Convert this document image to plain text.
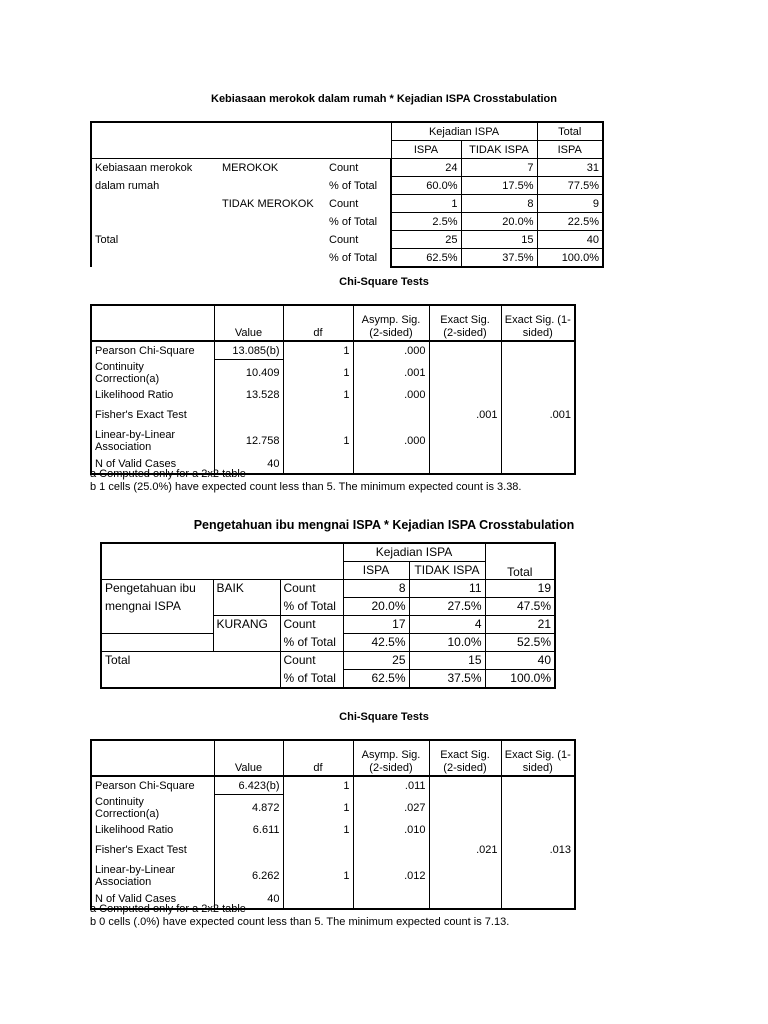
Kebiasaan merokok dalam rumah * Kejadian ISPA Crosstabulation
			Kejadian ISPA		Total
			ISPA	TIDAK ISPA	ISPA
Kebiasaan merokok	MEROKOK	Count	24	7	31
dalam rumah		% of Total	60.0%	17.5%	77.5%
	TIDAK MEROKOK	Count	1	8	9
		% of Total	2.5%	20.0%	22.5%
Total		Count	25	15	40
		% of Total	62.5%	37.5%	100.0%
Chi-Square Tests
	Value	df	Asymp. Sig. (2-sided)	Exact Sig. (2-sided)	Exact Sig. (1-sided)
Pearson Chi-Square	13.085(b)	1	.000		
Continuity Correction(a)	10.409	1	.001		
Likelihood Ratio	13.528	1	.000		
Fisher's Exact Test				.001	.001
Linear-by-Linear Association	12.758	1	.000		
N of Valid Cases	40				
a Computed only for a 2x2 table
b 1 cells (25.0%) have expected count less than 5. The minimum expected count is 3.38.
Pengetahuan ibu mengnai ISPA * Kejadian ISPA Crosstabulation
			Kejadian ISPA		Total
			ISPA	TIDAK ISPA	
Pengetahuan ibu	BAIK	Count	8	11	19
mengnai ISPA		% of Total	20.0%	27.5%	47.5%
	KURANG	Count	17	4	21
		% of Total	42.5%	10.0%	52.5%
Total		Count	25	15	40
		% of Total	62.5%	37.5%	100.0%
Chi-Square Tests
	Value	df	Asymp. Sig. (2-sided)	Exact Sig. (2-sided)	Exact Sig. (1-sided)
Pearson Chi-Square	6.423(b)	1	.011		
Continuity Correction(a)	4.872	1	.027		
Likelihood Ratio	6.611	1	.010		
Fisher's Exact Test				.021	.013
Linear-by-Linear Association	6.262	1	.012		
N of Valid Cases	40				
a Computed only for a 2x2 table
b 0 cells (.0%) have expected count less than 5. The minimum expected count is 7.13.
